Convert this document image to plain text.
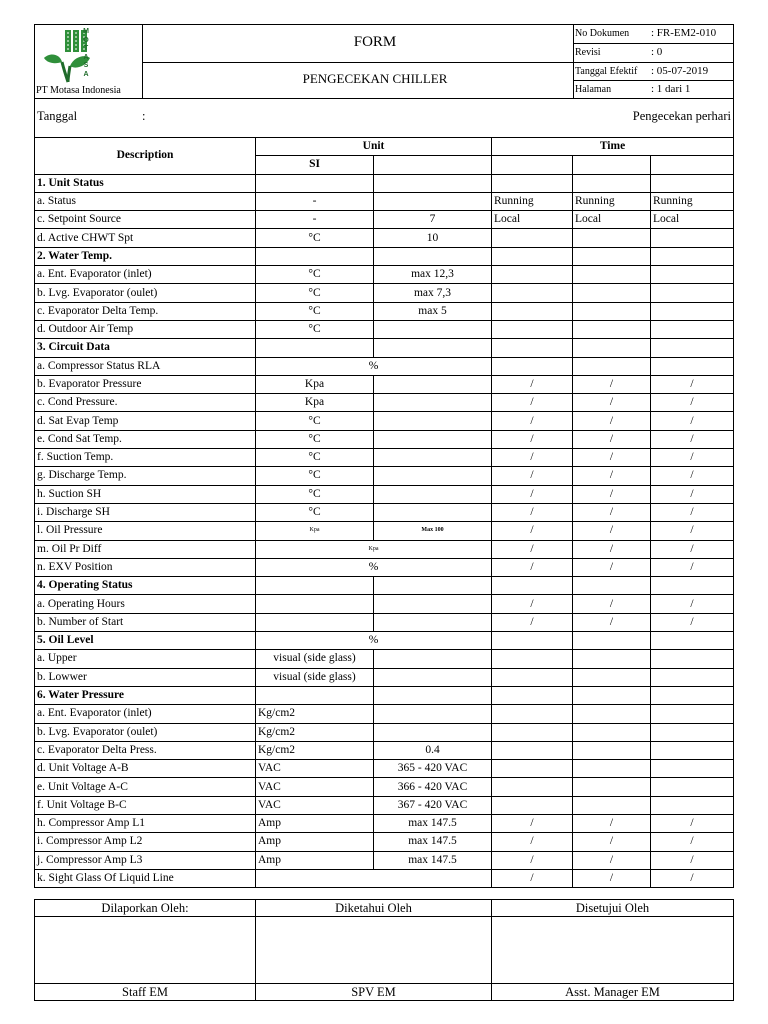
M
O
T
A
S
A
PT Motasa Indonesia
FORM
PENGECEKAN CHILLER
No Dokumen : FR-EM2-010
Revisi	: 0
Tanggal Efektif : 05-07-2019
Halaman	: 1 dari 1
Tanggal	:	Pengecekan perhari
Description	Unit		Time		
	SI				
1. Unit Status					
a. Status	-		Running	Running	Running
c. Setpoint Source	-	7	Local	Local	Local
d. Active CHWT Spt	°C	10			
2. Water Temp.					
a. Ent. Evaporator (inlet)	°C	max 12,3			
b. Lvg. Evaporator (oulet)	°C	max 7,3			
c. Evaporator Delta Temp.	°C	max 5			
d. Outdoor Air Temp	°C				
3. Circuit Data					
a. Compressor Status RLA	%				
b. Evaporator Pressure	Kpa		/	/	/
c. Cond Pressure.	Kpa		/	/	/
d. Sat Evap Temp	°C		/	/	/
e. Cond Sat Temp.	°C		/	/	/
f. Suction Temp.	°C		/	/	/
g. Discharge Temp.	°C		/	/	/
h. Suction SH	°C		/	/	/
i. Discharge SH	°C		/	/	/
l. Oil Pressure	Kpa	Max 100	/	/	/
m. Oil Pr Diff	Kpa		/	/	/
n. EXV Position	%		/	/	/
4. Operating Status					
a. Operating Hours			/	/	/
b. Number of Start			/	/	/
5. Oil Level	%				
a. Upper	visual (side glass)				
b. Lowwer	visual (side glass)				
6. Water Pressure					
a. Ent. Evaporator (inlet)	Kg/cm2				
b. Lvg. Evaporator (oulet)	Kg/cm2				
c. Evaporator Delta Press.	Kg/cm2	0.4			
d. Unit Voltage A-B	VAC	365 - 420 VAC			
e. Unit Voltage A-C	VAC	366 - 420 VAC			
f. Unit Voltage B-C	VAC	367 - 420 VAC			
h. Compressor Amp L1	Amp	max 147.5	/	/	/
i. Compressor Amp L2	Amp	max 147.5	/	/	/
j. Compressor Amp L3	Amp	max 147.5	/	/	/
k. Sight Glass Of Liquid Line			/	/	/
Dilaporkan Oleh:	Diketahui Oleh	Disetujui Oleh

Staff EM	SPV EM	Asst. Manager EM
